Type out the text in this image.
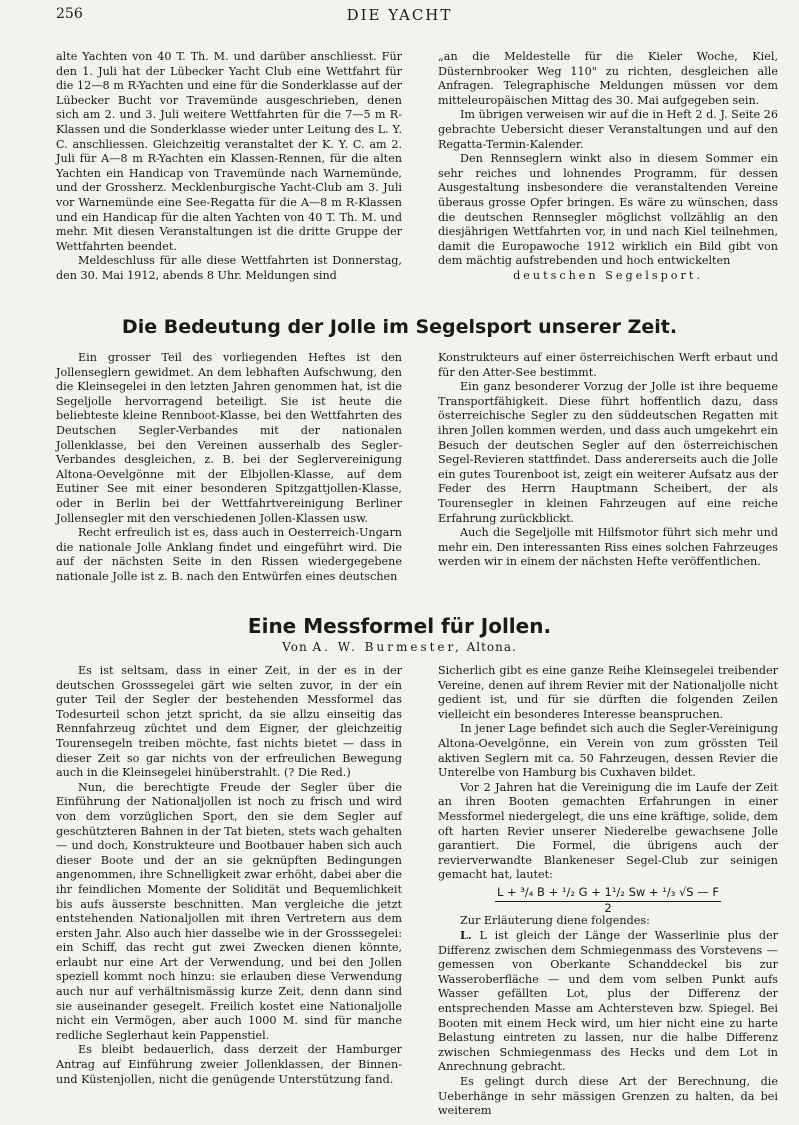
256	DIE YACHT

alte Yachten von 40 T. Th. M. und darüber anschliesst. Für den 1. Juli hat der Lübecker Yacht Club eine Wettfahrt für die 12—8 m R-Yachten und eine für die Sonderklasse auf der Lübecker Bucht vor Travemünde ausgeschrieben, denen sich am 2. und 3. Juli weitere Wettfahrten für die 7—5 m R-Klassen und die Sonderklasse wieder unter Leitung des L. Y. C. anschliessen. Gleichzeitig veranstaltet der K. Y. C. am 2. Juli für A—8 m R-Yachten ein Klassen-Rennen, für die alten Yachten ein Handicap von Travemünde nach Warnemünde, und der Grossherz. Mecklenburgische Yacht-Club am 3. Juli vor Warnemünde eine See-Regatta für die A—8 m R-Klassen und ein Handicap für die alten Yachten von 40 T. Th. M. und mehr. Mit diesen Veranstaltungen ist die dritte Gruppe der Wettfahrten beendet.

Meldeschluss für alle diese Wettfahrten ist Donnerstag, den 30. Mai 1912, abends 8 Uhr. Meldungen sind

„an die Meldestelle für die Kieler Woche, Kiel, Düsternbrooker Weg 110" zu richten, desgleichen alle Anfragen. Telegraphische Meldungen müssen vor dem mitteleuropäischen Mittag des 30. Mai aufgegeben sein.

Im übrigen verweisen wir auf die in Heft 2 d. J. Seite 26 gebrachte Uebersicht dieser Veranstaltungen und auf den Regatta-Termin-Kalender.

Den Rennseglern winkt also in diesem Sommer ein sehr reiches und lohnendes Programm, für dessen Ausgestaltung insbesondere die veranstaltenden Vereine überaus grosse Opfer bringen. Es wäre zu wünschen, dass die deutschen Rennsegler möglichst vollzählig an den diesjährigen Wettfahrten vor, in und nach Kiel teilnehmen, damit die Europawoche 1912 wirklich ein Bild gibt von dem mächtig aufstrebenden und hoch entwickelten

deutschen Segelsport.
Die Bedeutung der Jolle im Segelsport unserer Zeit.

Ein grosser Teil des vorliegenden Heftes ist den Jollenseglern gewidmet. An dem lebhaften Aufschwung, den die Kleinsegelei in den letzten Jahren genommen hat, ist die Segeljolle hervorragend beteiligt. Sie ist heute die beliebteste kleine Rennboot-Klasse, bei den Wettfahrten des Deutschen Segler-Verbandes mit der nationalen Jollenklasse, bei den Vereinen ausserhalb des Segler-Verbandes desgleichen, z. B. bei der Seglervereinigung Altona-Oevelgönne mit der Elbjollen-Klasse, auf dem Eutiner See mit einer besonderen Spitzgattjollen-Klasse, oder in Berlin bei der Wettfahrtvereinigung Berliner Jollensegler mit den verschiedenen Jollen-Klassen usw.

Recht erfreulich ist es, dass auch in Oesterreich-Ungarn die nationale Jolle Anklang findet und eingeführt wird. Die auf der nächsten Seite in den Rissen wiedergegebene nationale Jolle ist z. B. nach den Entwürfen eines deutschen

Konstrukteurs auf einer österreichischen Werft erbaut und für den Atter-See bestimmt.

Ein ganz besonderer Vorzug der Jolle ist ihre bequeme Transportfähigkeit. Diese führt hoffentlich dazu, dass österreichische Segler zu den süddeutschen Regatten mit ihren Jollen kommen werden, und dass auch umgekehrt ein Besuch der deutschen Segler auf den österreichischen Segel-Revieren stattfindet. Dass andererseits auch die Jolle ein gutes Tourenboot ist, zeigt ein weiterer Aufsatz aus der Feder des Herrn Hauptmann Scheibert, der als Tourensegler in kleinen Fahrzeugen auf eine reiche Erfahrung zurückblickt.

Auch die Segeljolle mit Hilfsmotor führt sich mehr und mehr ein. Den interessanten Riss eines solchen Fahrzeuges werden wir in einem der nächsten Hefte veröffentlichen.

Eine Messformel für Jollen.
Von A. W. Burmester, Altona.

Es ist seltsam, dass in einer Zeit, in der es in der deutschen Grosssegelei gärt wie selten zuvor, in der ein guter Teil der Segler der bestehenden Messformel das Todesurteil schon jetzt spricht, da sie allzu einseitig das Rennfahrzeug züchtet und dem Eigner, der gleichzeitig Tourensegeln treiben möchte, fast nichts bietet — dass in dieser Zeit so gar nichts von der erfreulichen Bewegung auch in die Kleinsegelei hinüberstrahlt. (? Die Red.)

Nun, die berechtigte Freude der Segler über die Einführung der Nationaljollen ist noch zu frisch und wird von dem vorzüglichen Sport, den sie dem Segler auf geschützteren Bahnen in der Tat bieten, stets wach gehalten — und doch, Konstrukteure und Bootbauer haben sich auch dieser Boote und der an sie geknüpften Bedingungen angenommen, ihre Schnelligkeit zwar erhöht, dabei aber die ihr feindlichen Momente der Solidität und Bequemlichkeit bis aufs äusserste beschnitten. Man vergleiche die jetzt entstehenden Nationaljollen mit ihren Vertretern aus dem ersten Jahr. Also auch hier dasselbe wie in der Grosssegelei: ein Schiff, das recht gut zwei Zwecken dienen könnte, erlaubt nur eine Art der Verwendung, und bei den Jollen speziell kommt noch hinzu: sie erlauben diese Verwendung auch nur auf verhältnismässig kurze Zeit, denn dann sind sie auseinander gesegelt. Freilich kostet eine Nationaljolle nicht ein Vermögen, aber auch 1000 M. sind für manche redliche Seglerhaut kein Pappenstiel.

Es bleibt bedauerlich, dass derzeit der Hamburger Antrag auf Einführung zweier Jollenklassen, der Binnen- und Küstenjollen, nicht die genügende Unterstützung fand.

Sicherlich gibt es eine ganze Reihe Kleinsegelei treibender Vereine, denen auf ihrem Revier mit der Nationaljolle nicht gedient ist, und für sie dürften die folgenden Zeilen vielleicht ein besonderes Interesse beanspruchen.

In jener Lage befindet sich auch die Segler-Vereinigung Altona-Oevelgönne, ein Verein von zum grössten Teil aktiven Seglern mit ca. 50 Fahrzeugen, dessen Revier die Unterelbe von Hamburg bis Cuxhaven bildet.

Vor 2 Jahren hat die Vereinigung die im Laufe der Zeit an ihren Booten gemachten Erfahrungen in einer Messformel niedergelegt, die uns eine kräftige, solide, dem oft harten Revier unserer Niederelbe gewachsene Jolle garantiert. Die Formel, die übrigens auch der revierverwandte Blankeneser Segel-Club zur seinigen gemacht hat, lautet:

L + ³/₄ B + ¹/₂ G + 1¹/₂ Sw + ¹/₃ √S — F
2

Zur Erläuterung diene folgendes:

L. L ist gleich der Länge der Wasserlinie plus der Differenz zwischen dem Schmiegenmass des Vorstevens — gemessen von Oberkante Schanddeckel bis zur Wasseroberfläche — und dem vom selben Punkt aufs Wasser gefällten Lot, plus der Differenz der entsprechenden Masse am Achtersteven bzw. Spiegel. Bei Booten mit einem Heck wird, um hier nicht eine zu harte Belastung eintreten zu lassen, nur die halbe Differenz zwischen Schmiegenmass des Hecks und dem Lot in Anrechnung gebracht.

Es gelingt durch diese Art der Berechnung, die Ueberhänge in sehr mässigen Grenzen zu halten, da bei weiterem
